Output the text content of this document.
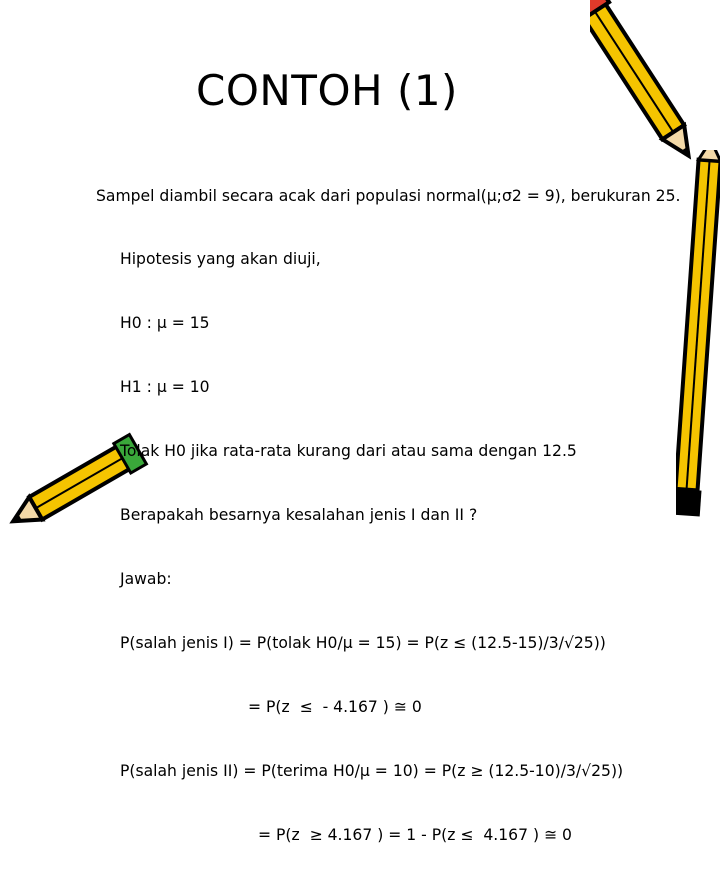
CONTOH (1)

Sampel diambil secara acak dari populasi normal(µ;σ2 = 9), berukuran 25.

Hipotesis yang akan diuji,

H0 : µ = 15

H1 : µ = 10

Tolak H0 jika rata-rata kurang dari atau sama dengan 12.5

Berapakah besarnya kesalahan jenis I dan II ?

Jawab:

P(salah jenis I) = P(tolak H0/µ = 15) = P(z ≤ (12.5-15)/3/√25))

= P(z  ≤  - 4.167 ) ≅ 0

P(salah jenis II) = P(terima H0/µ = 10) = P(z ≥ (12.5-10)/3/√25))

= P(z  ≥ 4.167 ) = 1 - P(z ≤  4.167 ) ≅ 0
